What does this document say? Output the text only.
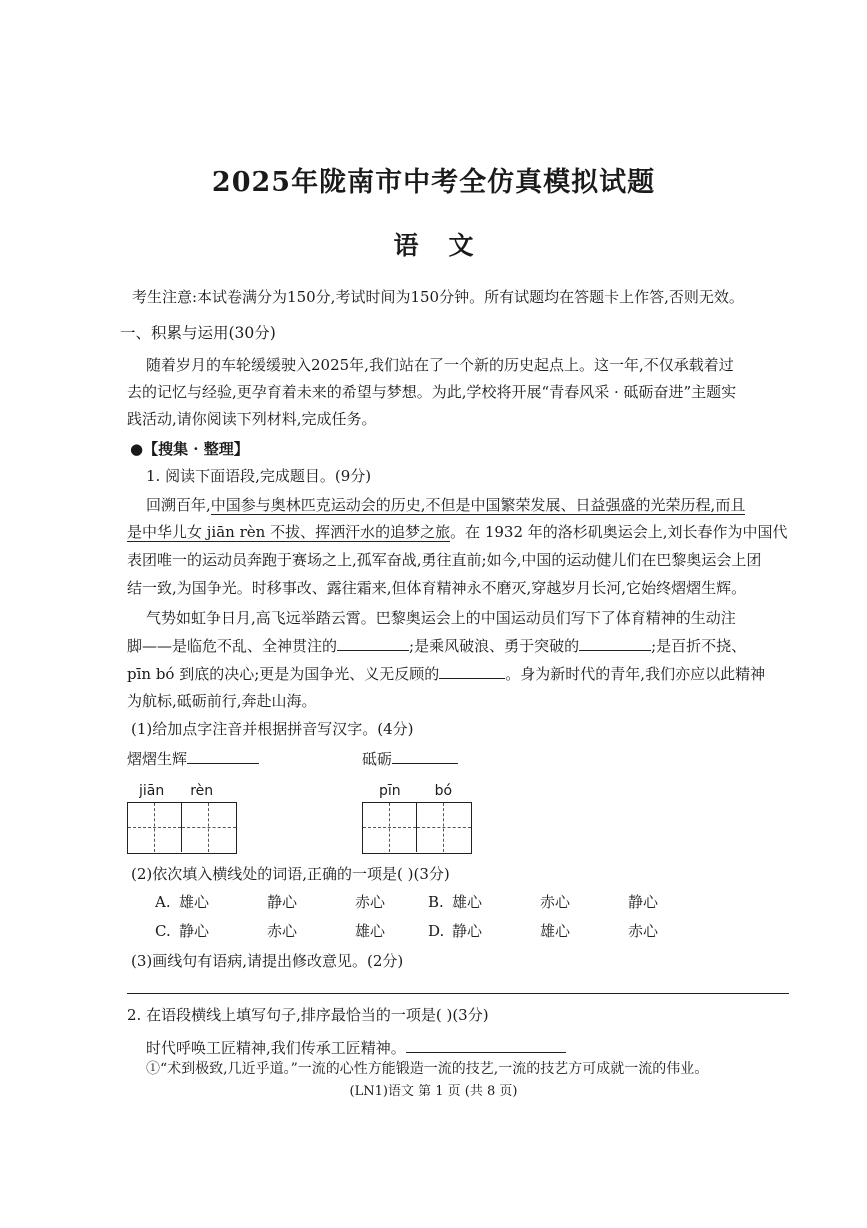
2025年陇南市中考全仿真模拟试题
语文
考生注意:本试卷满分为150分,考试时间为150分钟。所有试题均在答题卡上作答,否则无效。
一、积累与运用(30分)
随着岁月的车轮缓缓驶入2025年,我们站在了一个新的历史起点上。这一年,不仅承载着过
去的记忆与经验,更孕育着未来的希望与梦想。为此,学校将开展“青春风采 · 砥砺奋进”主题实
践活动,请你阅读下列材料,完成任务。
●【搜集 · 整理】
1. 阅读下面语段,完成题目。(9分)
回溯百年,中国参与奥林匹克运动会的历史,不但是中国繁荣发展、日益强盛的光荣历程,而且
是中华儿女 jiān rèn 不拔、挥洒汗水的追梦之旅。在 1932 年的洛杉矶奥运会上,刘长春作为中国代
表团唯一的运动员奔跑于赛场之上,孤军奋战,勇往直前;如今,中国的运动健儿们在巴黎奥运会上团
结一致,为国争光。时移事改、露往霜来,但体育精神永不磨灭,穿越岁月长河,它始终熠熠生辉。
气势如虹争日月,高飞远举踏云霄。巴黎奥运会上的中国运动员们写下了体育精神的生动注
脚——是临危不乱、全神贯注的	;是乘风破浪、勇于突破的	;是百折不挠、
pīn bó 到底的决心;更是为国争光、义无反顾的	。身为新时代的青年,我们亦应以此精神
为航标,砥砺前行,奔赴山海。
(1)给加点字注音并根据拼音写汉字。(4分)
熠熠生辉	砥砺
jiān rèn	pīn bó
(2)依次填入横线处的词语,正确的一项是( )(3分)
A. 雄心	静心	赤心	B. 雄心	赤心	静心
C. 静心	赤心	雄心	D. 静心	雄心	赤心
(3)画线句有语病,请提出修改意见。(2分)
2. 在语段横线上填写句子,排序最恰当的一项是( )(3分)
时代呼唤工匠精神,我们传承工匠精神。
①“术到极致,几近乎道。”一流的心性方能锻造一流的技艺,一流的技艺方可成就一流的伟业。
(LN1)语文 第 1 页 (共 8 页)
